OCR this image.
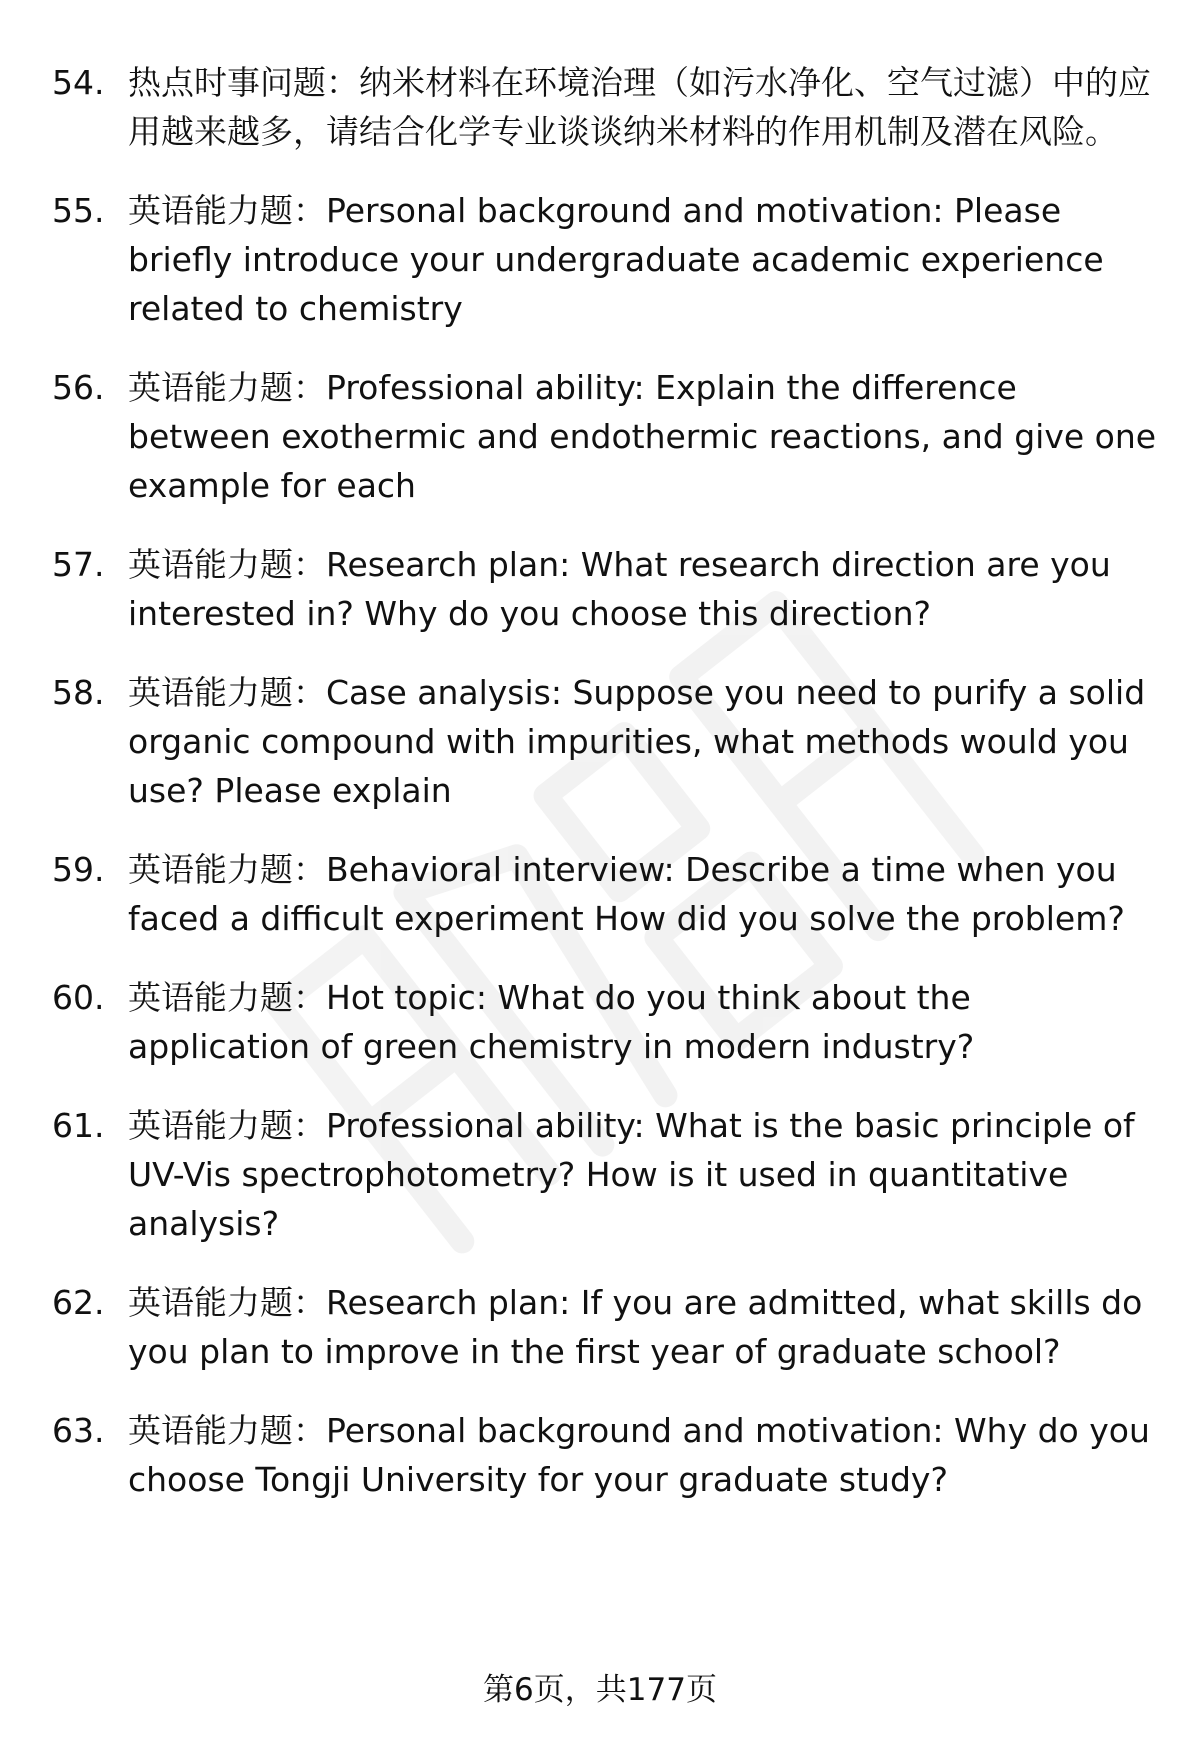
54. 热点时事问题：纳米材料在环境治理（如污水净化、空气过滤）中的应用越来越多，请结合化学专业谈谈纳米材料的作用机制及潜在风险。
55. 英语能力题：Personal background and motivation: Please briefly introduce your undergraduate academic experience related to chemistry
56. 英语能力题：Professional ability: Explain the difference between exothermic and endothermic reactions, and give one example for each
57. 英语能力题：Research plan: What research direction are you interested in? Why do you choose this direction?
58. 英语能力题：Case analysis: Suppose you need to purify a solid organic compound with impurities, what methods would you use? Please explain
59. 英语能力题：Behavioral interview: Describe a time when you faced a difficult experiment How did you solve the problem?
60. 英语能力题：Hot topic: What do you think about the application of green chemistry in modern industry?
61. 英语能力题：Professional ability: What is the basic principle of UV-Vis spectrophotometry? How is it used in quantitative analysis?
62. 英语能力题：Research plan: If you are admitted, what skills do you plan to improve in the first year of graduate school?
63. 英语能力题：Personal background and motivation: Why do you choose Tongji University for your graduate study?
第6页，共177页
